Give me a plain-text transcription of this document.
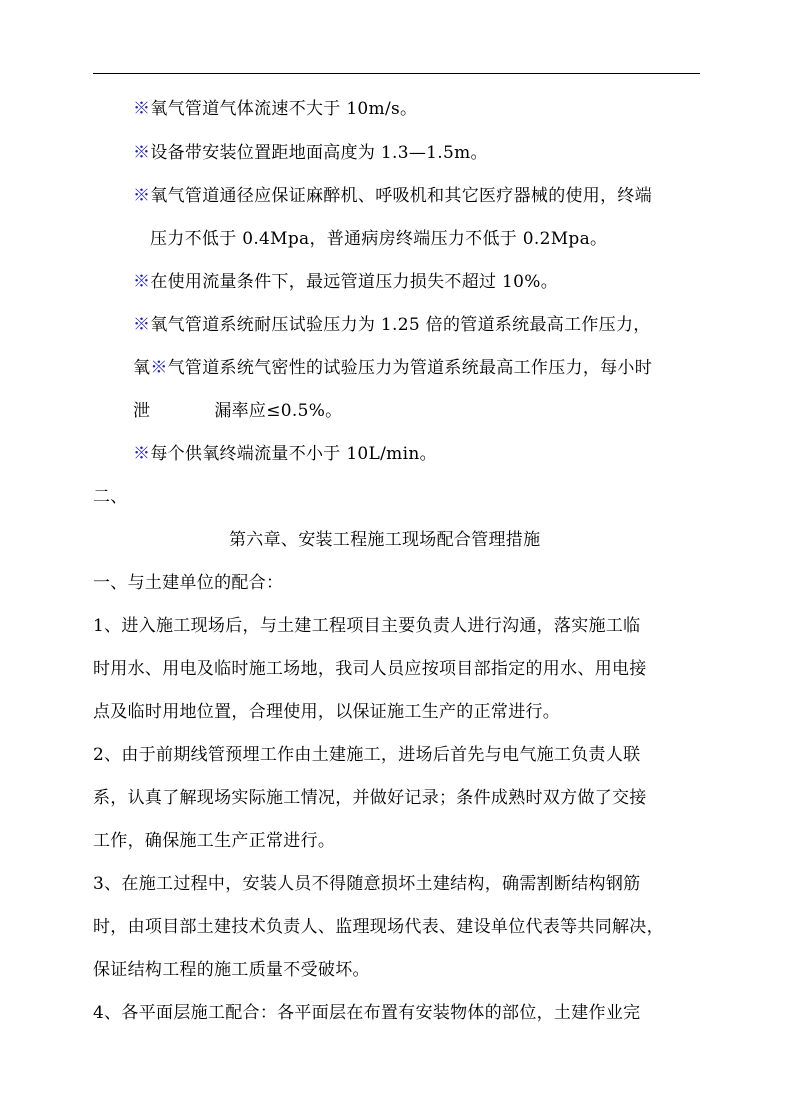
※氧气管道气体流速不大于 10m/s。
※设备带安装位置距地面高度为 1.3—1.5m。
※氧气管道通径应保证麻醉机、呼吸机和其它医疗器械的使用，终端
压力不低于 0.4Mpa，普通病房终端压力不低于 0.2Mpa。
※在使用流量条件下，最远管道压力损失不超过 10%。
※氧气管道系统耐压试验压力为 1.25 倍的管道系统最高工作压力，
氧※气管道系统气密性的试验压力为管道系统最高工作压力，每小时
泄	漏率应≤0.5%。
※每个供氧终端流量不小于 10L/min。
二、
第六章、安装工程施工现场配合管理措施
一、与土建单位的配合：
1、进入施工现场后，与土建工程项目主要负责人进行沟通，落实施工临
时用水、用电及临时施工场地，我司人员应按项目部指定的用水、用电接
点及临时用地位置，合理使用，以保证施工生产的正常进行。
2、由于前期线管预埋工作由土建施工，进场后首先与电气施工负责人联
系，认真了解现场实际施工情况，并做好记录；条件成熟时双方做了交接
工作，确保施工生产正常进行。
3、在施工过程中，安装人员不得随意损坏土建结构，确需割断结构钢筋
时，由项目部土建技术负责人、监理现场代表、建设单位代表等共同解决，
保证结构工程的施工质量不受破坏。
4、各平面层施工配合：各平面层在布置有安装物体的部位，土建作业完
